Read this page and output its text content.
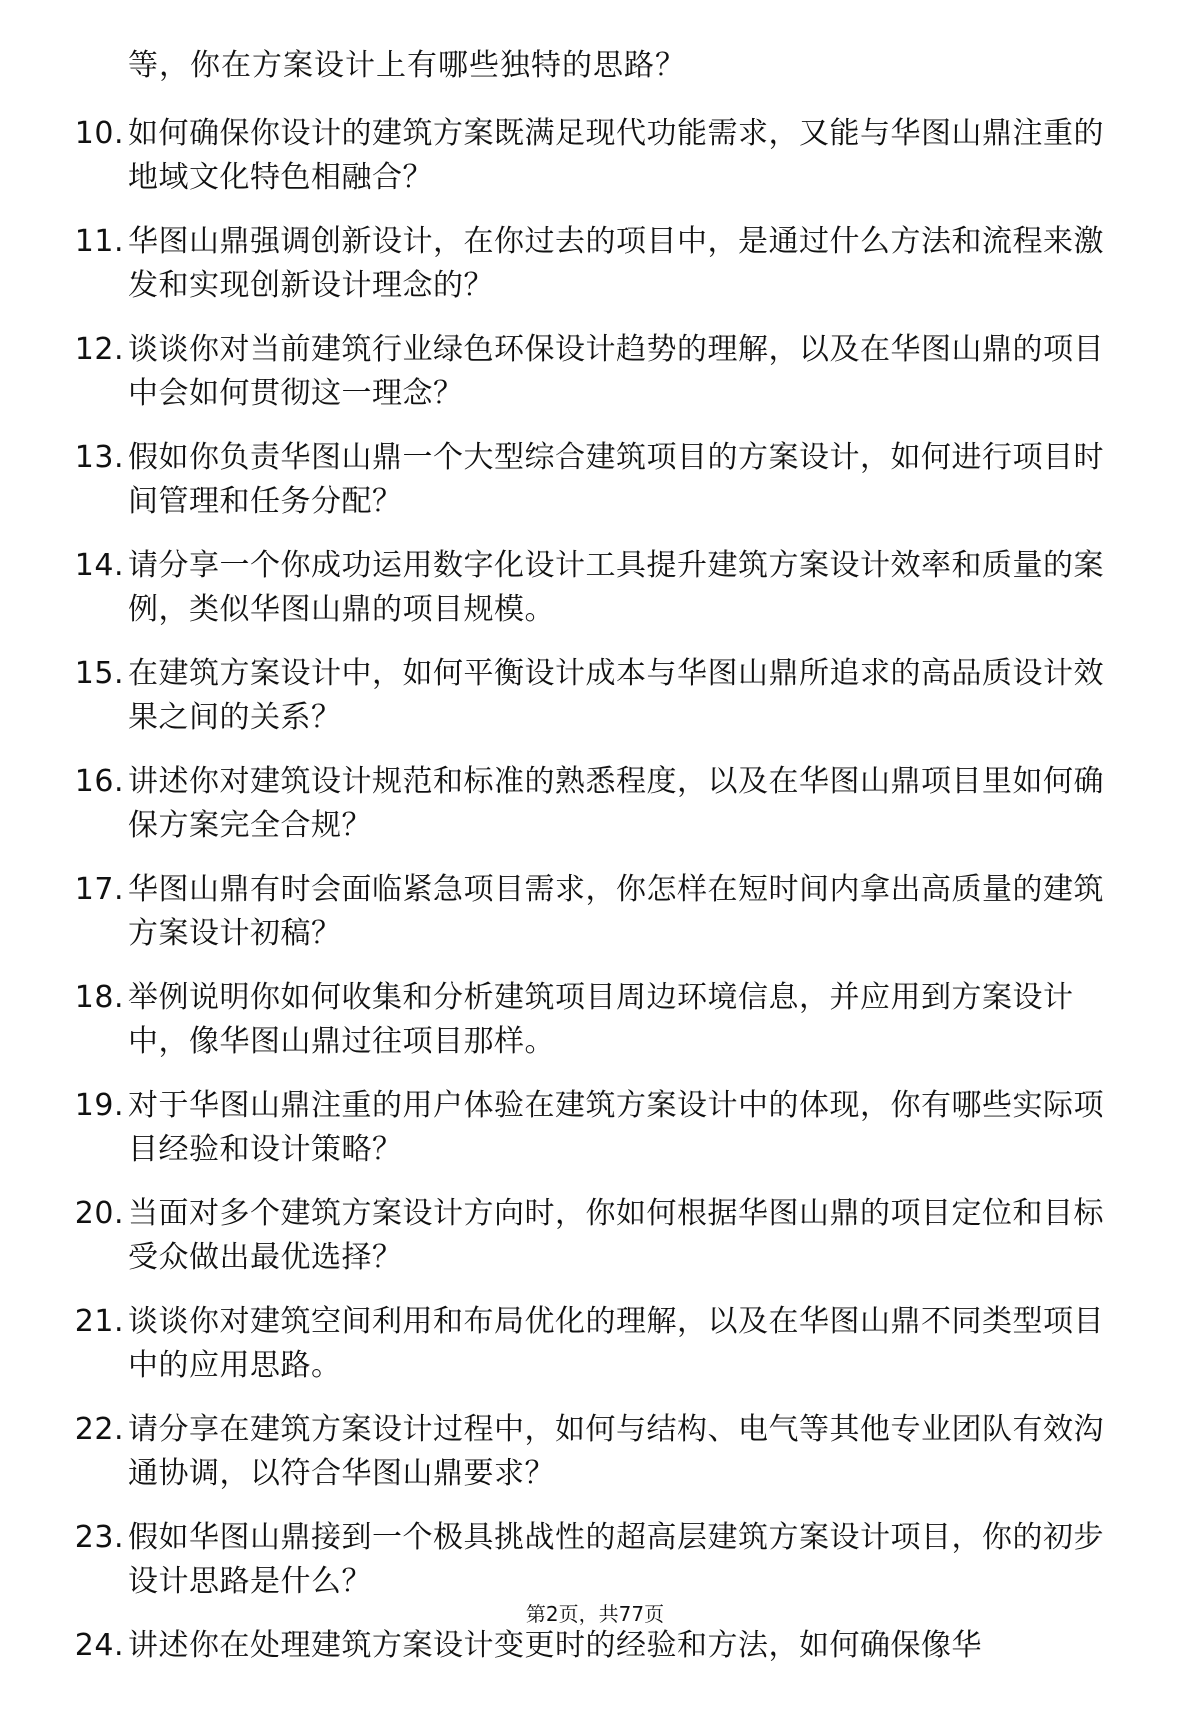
等，你在方案设计上有哪些独特的思路？
10. 如何确保你设计的建筑方案既满足现代功能需求，又能与华图山鼎注重的地域文化特色相融合？
11. 华图山鼎强调创新设计，在你过去的项目中，是通过什么方法和流程来激发和实现创新设计理念的？
12. 谈谈你对当前建筑行业绿色环保设计趋势的理解，以及在华图山鼎的项目中会如何贯彻这一理念？
13. 假如你负责华图山鼎一个大型综合建筑项目的方案设计，如何进行项目时间管理和任务分配？
14. 请分享一个你成功运用数字化设计工具提升建筑方案设计效率和质量的案例，类似华图山鼎的项目规模。
15. 在建筑方案设计中，如何平衡设计成本与华图山鼎所追求的高品质设计效果之间的关系？
16. 讲述你对建筑设计规范和标准的熟悉程度，以及在华图山鼎项目里如何确保方案完全合规？
17. 华图山鼎有时会面临紧急项目需求，你怎样在短时间内拿出高质量的建筑方案设计初稿？
18. 举例说明你如何收集和分析建筑项目周边环境信息，并应用到方案设计中，像华图山鼎过往项目那样。
19. 对于华图山鼎注重的用户体验在建筑方案设计中的体现，你有哪些实际项目经验和设计策略？
20. 当面对多个建筑方案设计方向时，你如何根据华图山鼎的项目定位和目标受众做出最优选择？
21. 谈谈你对建筑空间利用和布局优化的理解，以及在华图山鼎不同类型项目中的应用思路。
22. 请分享在建筑方案设计过程中，如何与结构、电气等其他专业团队有效沟通协调，以符合华图山鼎要求？
23. 假如华图山鼎接到一个极具挑战性的超高层建筑方案设计项目，你的初步设计思路是什么？
24. 讲述你在处理建筑方案设计变更时的经验和方法，如何确保像华
第2页，共77页
